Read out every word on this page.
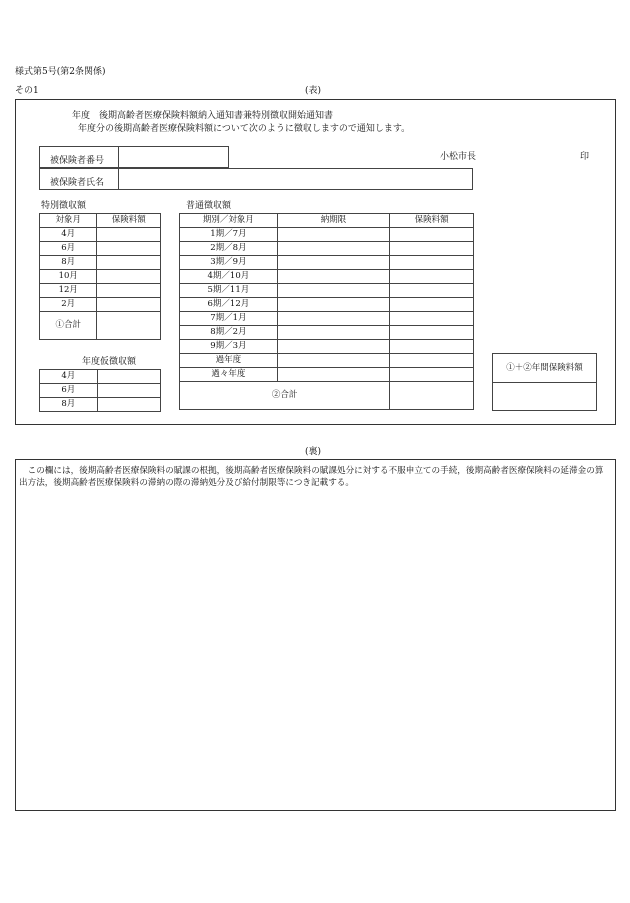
様式第5号(第2条関係)
その1	(表)
年度　後期高齢者医療保険料額納入通知書兼特別徴収開始通知書
年度分の後期高齢者医療保険料額について次のように徴収しますので通知します。
被保険者番号	小松市長	印
被保険者氏名
特別徴収額
対象月	保険料額
4月	
6月	
8月	
10月	
12月	
2月	
①合計	
年度仮徴収額
4月	
6月	
8月	
普通徴収額
期別／対象月	納期限	保険料額
1期／7月		
2期／8月		
3期／9月		
4期／10月		
5期／11月		
6期／12月		
7期／1月		
8期／2月		
9期／3月		
過年度		
過々年度		
②合計		
①＋②年間保険料額

(裏)
この欄には，後期高齢者医療保険料の賦課の根拠，後期高齢者医療保険料の賦課処分に対する不服申立ての手続，後期高齢者医療保険料の延滞金の算出方法，後期高齢者医療保険料の滞納の際の滞納処分及び給付制限等につき記載する。
